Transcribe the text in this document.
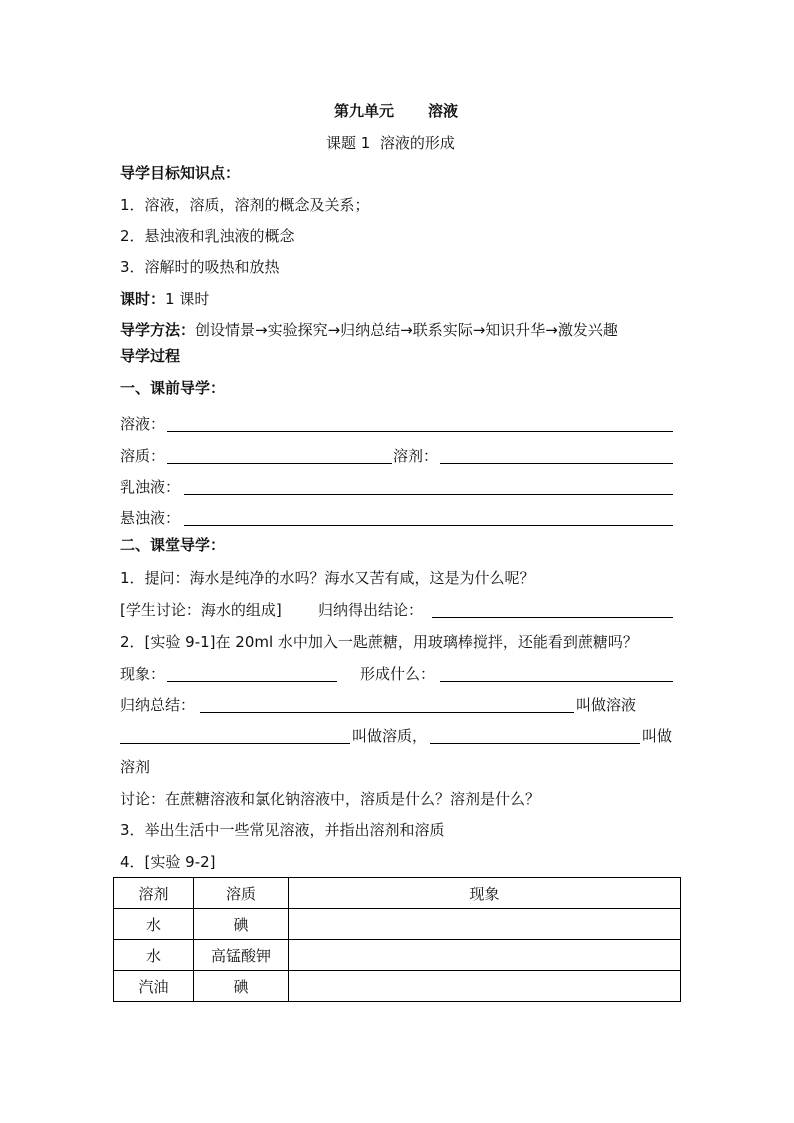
第九单元 溶液
课题 1  溶液的形成
导学目标知识点：
1．溶液，溶质，溶剂的概念及关系；
2．悬浊液和乳浊液的概念
3．溶解时的吸热和放热
课时：1 课时
导学方法：创设情景→实验探究→归纳总结→联系实际→知识升华→激发兴趣
导学过程
一、课前导学：
溶液：
溶质：	溶剂：
乳浊液：
悬浊液：
二、课堂导学：
1．提问：海水是纯净的水吗？海水又苦有咸，这是为什么呢？
[学生讨论：海水的组成] 归纳得出结论：
2．[实验 9-1]在 20ml 水中加入一匙蔗糖，用玻璃棒搅拌，还能看到蔗糖吗？
现象：	形成什么：
归纳总结：	叫做溶液
叫做溶质，	叫做
溶剂
讨论：在蔗糖溶液和氯化钠溶液中，溶质是什么？溶剂是什么？
3．举出生活中一些常见溶液，并指出溶剂和溶质
4．[实验 9-2]
溶剂	溶质	现象
水	碘	
水	高锰酸钾	
汽油	碘	
